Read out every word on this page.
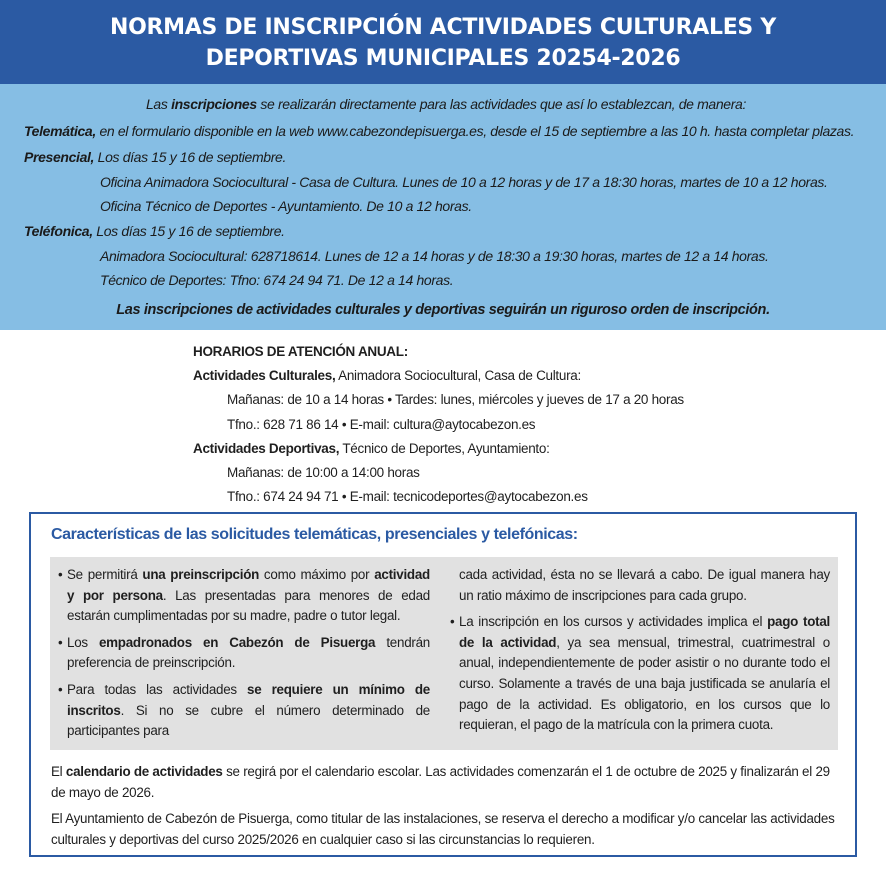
NORMAS DE INSCRIPCIÓN ACTIVIDADES CULTURALES Y
DEPORTIVAS MUNICIPALES 20254-2026
Las inscripciones se realizarán directamente para las actividades que así lo establezcan, de manera:
Telemática, en el formulario disponible en la web www.cabezondepisuerga.es, desde el 15 de septiembre a las 10 h. hasta completar plazas.
Presencial, Los días 15 y 16 de septiembre.
Oficina Animadora Sociocultural - Casa de Cultura. Lunes de 10 a 12 horas y de 17 a 18:30 horas, martes de 10 a 12 horas.
Oficina Técnico de Deportes - Ayuntamiento. De 10 a 12 horas.
Teléfonica, Los días 15 y 16 de septiembre.
Animadora Sociocultural: 628718614. Lunes de 12 a 14 horas y de 18:30 a 19:30 horas, martes de 12 a 14 horas.
Técnico de Deportes: Tfno: 674 24 94 71. De 12 a 14 horas.
Las inscripciones de actividades culturales y deportivas seguirán un riguroso orden de inscripción.
HORARIOS DE ATENCIÓN ANUAL:
Actividades Culturales, Animadora Sociocultural, Casa de Cultura:
Mañanas: de 10 a 14 horas • Tardes: lunes, miércoles y jueves de 17 a 20 horas
Tfno.: 628 71 86 14 • E-mail: cultura@aytocabezon.es
Actividades Deportivas, Técnico de Deportes, Ayuntamiento:
Mañanas: de 10:00 a 14:00 horas
Tfno.: 674 24 94 71 • E-mail: tecnicodeportes@aytocabezon.es
Características de las solicitudes telemáticas, presenciales y telefónicas:
• Se permitirá una preinscripción como máximo por actividad y por persona. Las presentadas para menores de edad estarán cumplimentadas por su madre, padre o tutor legal.
• Los empadronados en Cabezón de Pisuerga tendrán preferencia de preinscripción.
• Para todas las actividades se requiere un mínimo de inscritos. Si no se cubre el número determinado de participantes para
cada actividad, ésta no se llevará a cabo. De igual manera hay un ratio máximo de inscripciones para cada grupo.
• La inscripción en los cursos y actividades implica el pago total de la actividad, ya sea mensual, trimestral, cuatrimestral o anual, independientemente de poder asistir o no durante todo el curso. Solamente a través de una baja justificada se anularía el pago de la actividad. Es obligatorio, en los cursos que lo requieran, el pago de la matrícula con la primera cuota.
El calendario de actividades se regirá por el calendario escolar. Las actividades comenzarán el 1 de octubre de 2025 y finalizarán el 29 de mayo de 2026.
El Ayuntamiento de Cabezón de Pisuerga, como titular de las instalaciones, se reserva el derecho a modificar y/o cancelar las actividades culturales y deportivas del curso 2025/2026 en cualquier caso si las circunstancias lo requieren.
